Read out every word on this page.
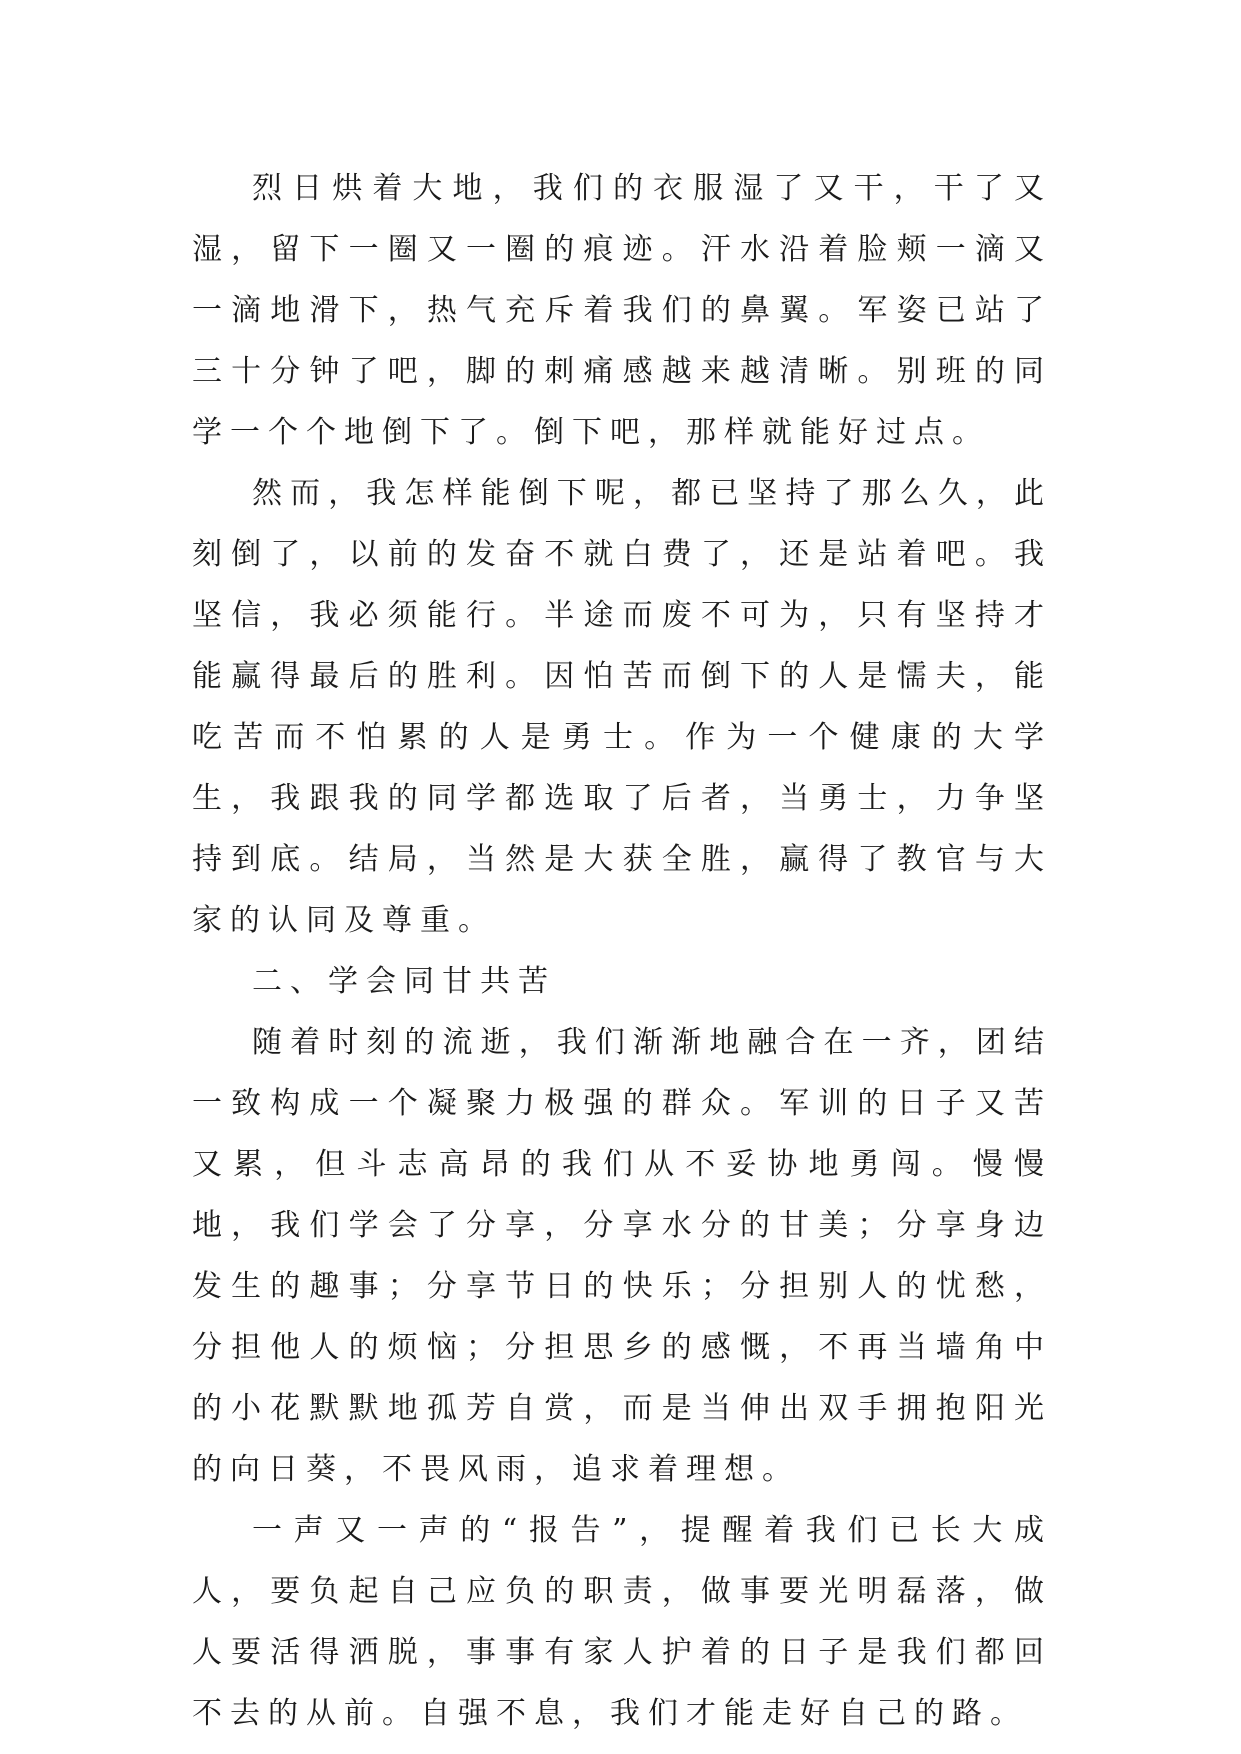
烈日烘着大地，我们的衣服湿了又干，干了又湿，留下一圈又一圈的痕迹。汗水沿着脸颊一滴又一滴地滑下，热气充斥着我们的鼻翼。军姿已站了三十分钟了吧，脚的刺痛感越来越清晰。别班的同学一个个地倒下了。倒下吧，那样就能好过点。

然而，我怎样能倒下呢，都已坚持了那么久，此刻倒了，以前的发奋不就白费了，还是站着吧。我坚信，我必须能行。半途而废不可为，只有坚持才能赢得最后的胜利。因怕苦而倒下的人是懦夫，能吃苦而不怕累的人是勇士。作为一个健康的大学生，我跟我的同学都选取了后者，当勇士，力争坚持到底。结局，当然是大获全胜，赢得了教官与大家的认同及尊重。

二、学会同甘共苦

随着时刻的流逝，我们渐渐地融合在一齐，团结一致构成一个凝聚力极强的群众。军训的日子又苦又累，但斗志高昂的我们从不妥协地勇闯。慢慢地，我们学会了分享，分享水分的甘美；分享身边发生的趣事；分享节日的快乐；分担别人的忧愁，分担他人的烦恼；分担思乡的感慨，不再当墙角中的小花默默地孤芳自赏，而是当伸出双手拥抱阳光的向日葵，不畏风雨，追求着理想。

一声又一声的“报告”，提醒着我们已长大成人，要负起自己应负的职责，做事要光明磊落，做人要活得洒脱，事事有家人护着的日子是我们都回不去的从前。自强不息，我们才能走好自己的路。
